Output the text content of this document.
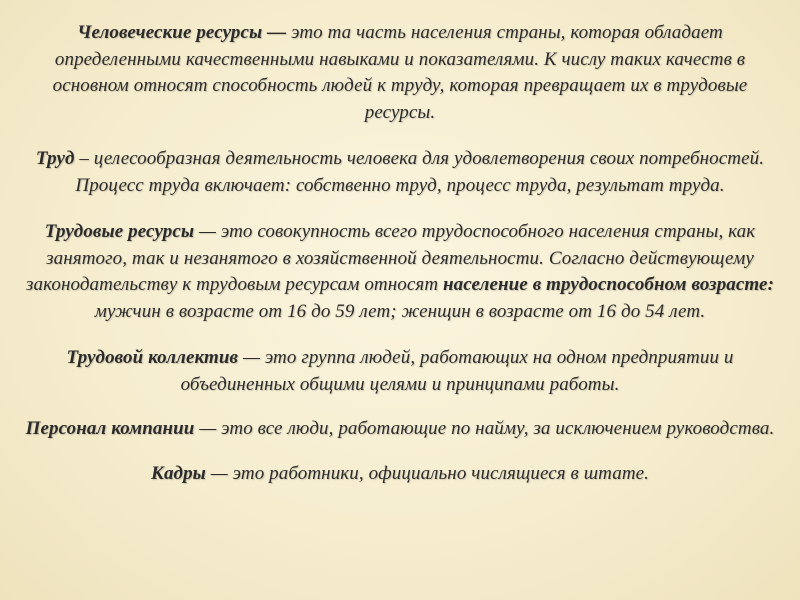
Человеческие ресурсы — это та часть населения страны, которая обладает определенными качественными навыками и показателями. К числу таких качеств в основном относят способность людей к труду, которая превращает их в трудовые ресурсы.

Труд – целесообразная деятельность человека для удовлетворения своих потребностей. Процесс труда включает: собственно труд, процесс труда, результат труда.

Трудовые ресурсы — это совокупность всего трудоспособного населения страны, как занятого, так и незанятого в хозяйственной деятельности. Согласно действующему законодательству к трудовым ресурсам относят население в трудоспособном возрасте: мужчин в возрасте от 16 до 59 лет; женщин в возрасте от 16 до 54 лет.

Трудовой коллектив — это группа людей, работающих на одном предприятии и объединенных общими целями и принципами работы.

Персонал компании — это все люди, работающие по найму, за исключением руководства.

Кадры — это работники, официально числящиеся в штате.
